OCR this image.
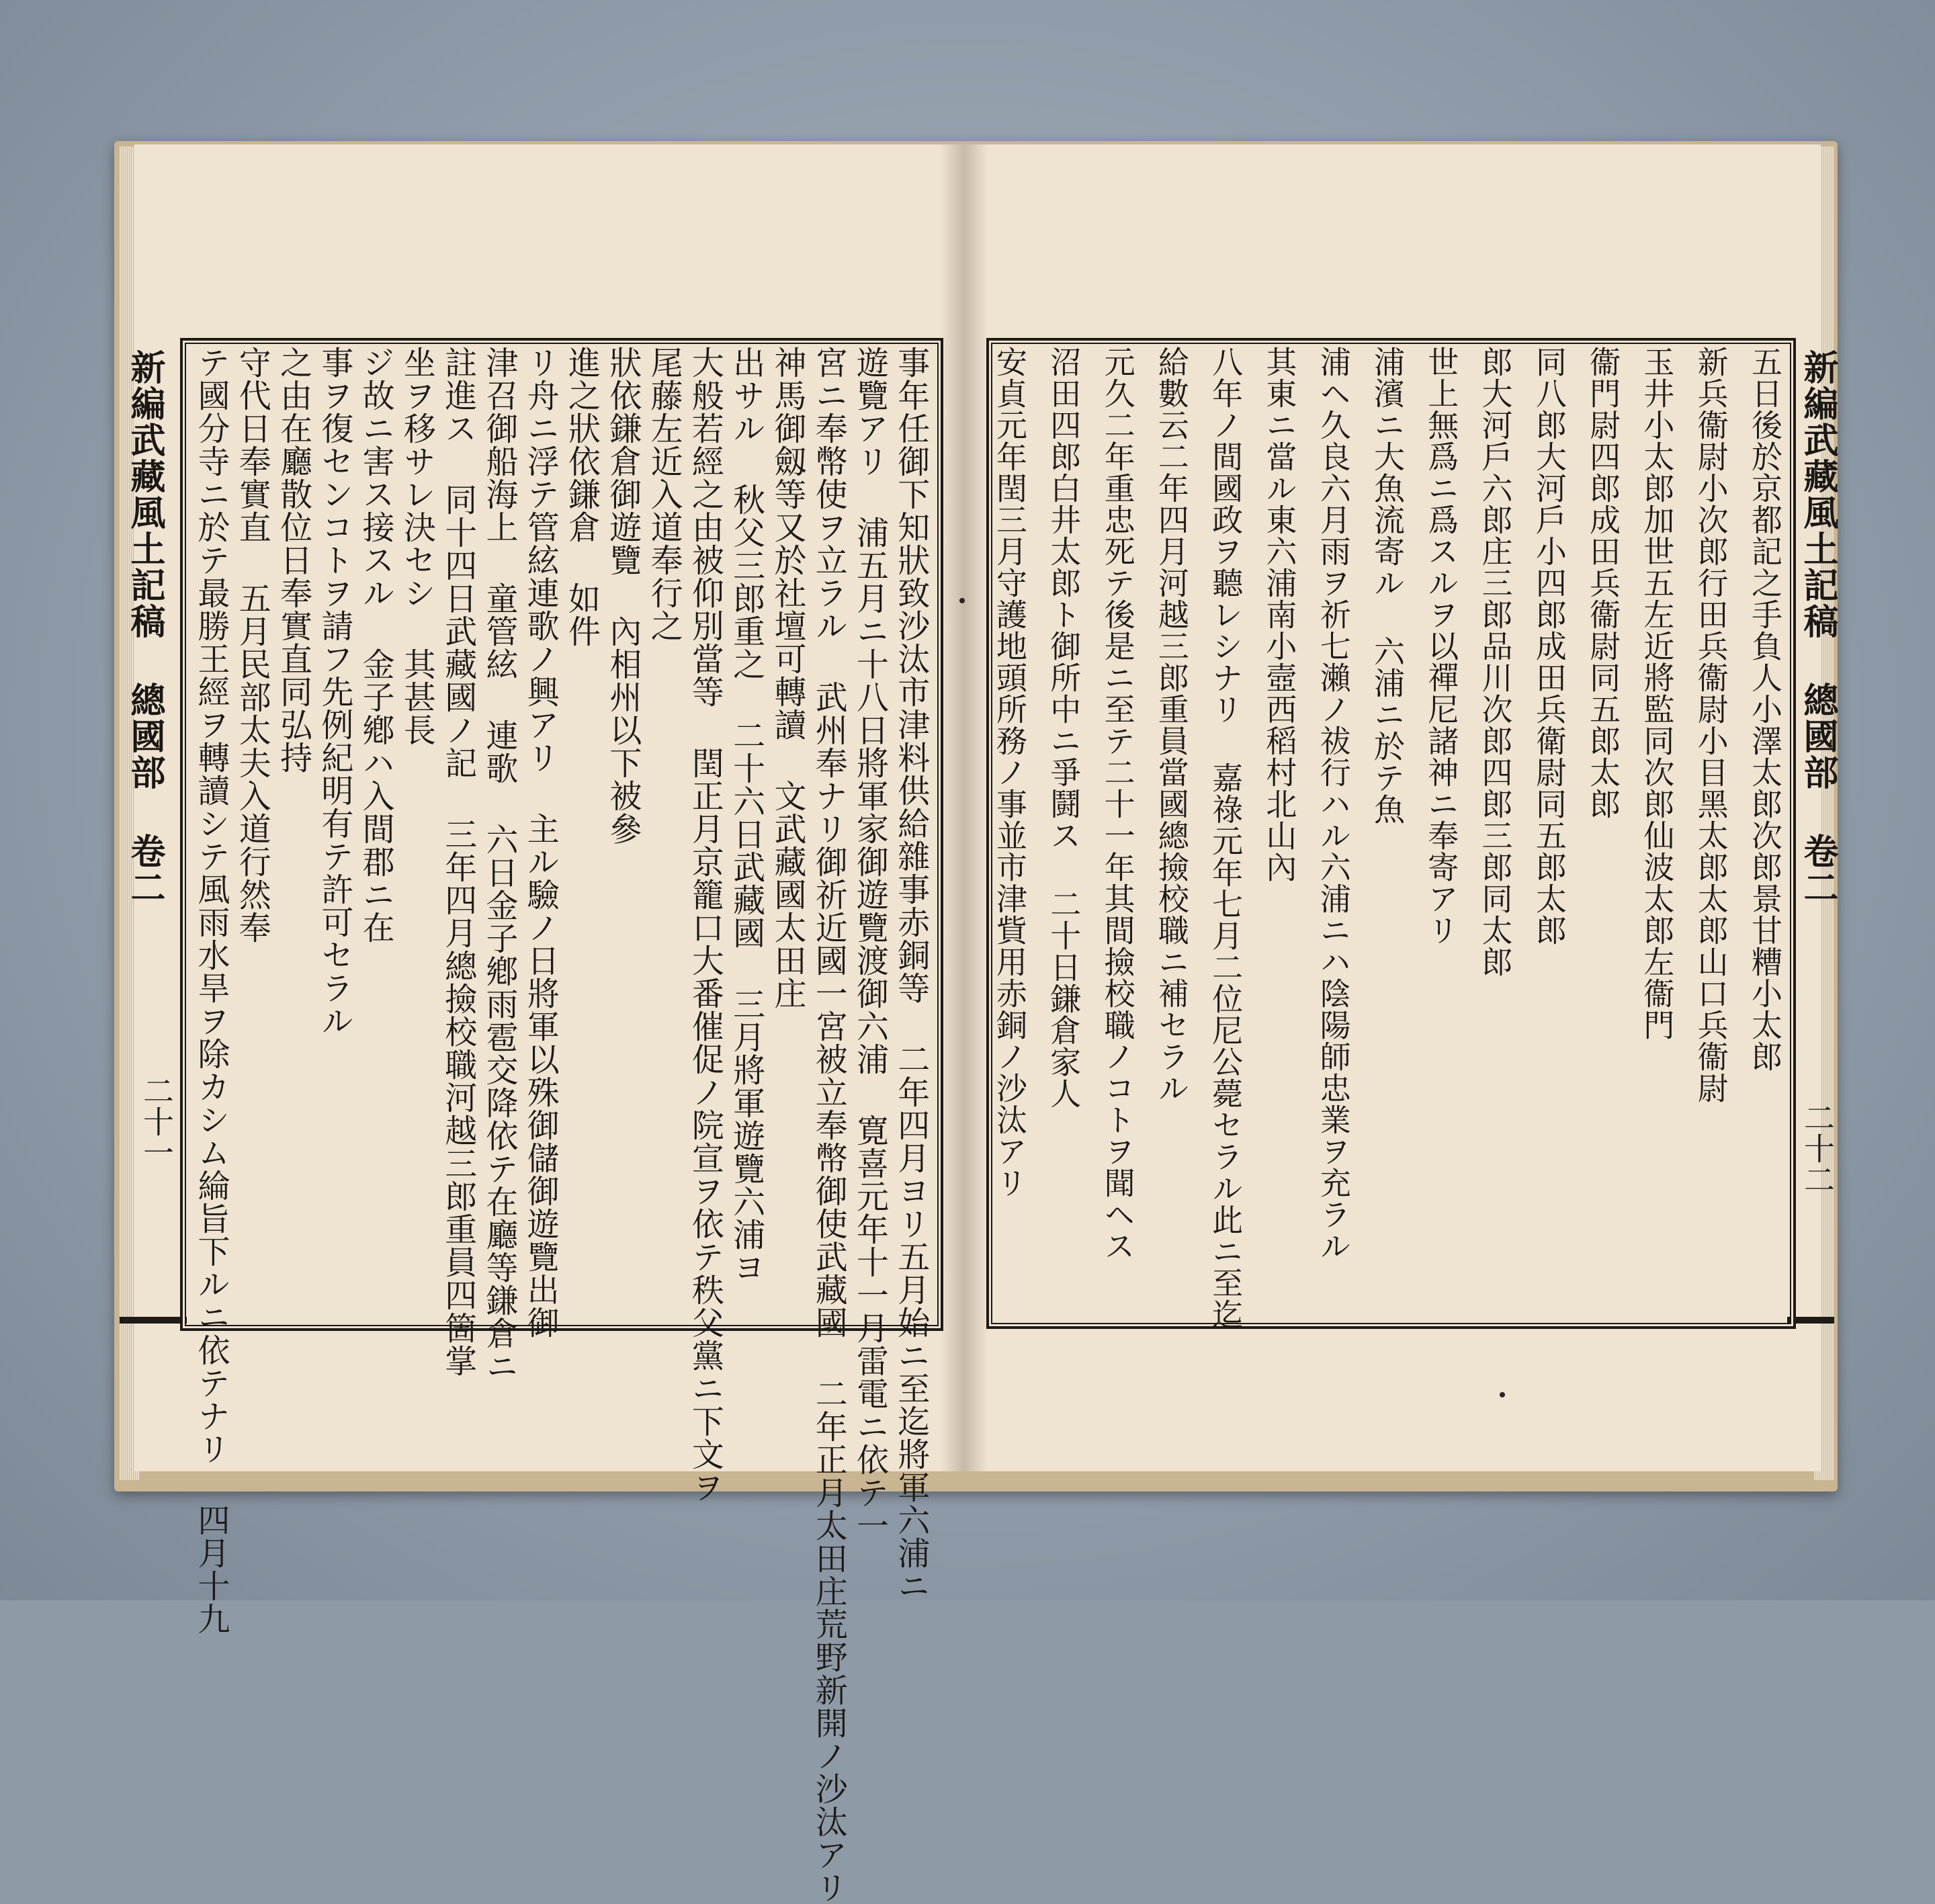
新編武藏風土記稿 總國部 卷二
二十一	事年任御下知狀致沙汰市津料供給雜事赤銅等 二年四月ヨリ五月始ニ至迄將軍六浦ニ
遊覽アリ 浦五月ニ十八日將軍家御遊覽渡御六浦 寛喜元年十一月雷電ニ依テ一
宮ニ奉幣使ヲ立ラル 武州奉ナリ御祈近國一宮被立奉幣御使武藏國 二年正月太田庄荒野新開ノ沙汰アリ
神馬御劔等又於社壇可轉讀 文武藏國太田庄
出サル 秋父三郎重之 二十六日武藏國 三月將軍遊覽六浦ヨ
大般若經之由被仰別當等 閏正月京籠口大番催促ノ院宣ヲ依テ秩父黨ニ下文ヲ
尾藤左近入道奉行之
狀依鎌倉御遊覽 內相州以下被參
進之狀依鎌倉 如件
リ舟ニ浮テ管絃連歌ノ興アリ 主ル驗ノ日將軍以殊御儲御遊覽出御
津召御船海上 童管絃 連歌 六日金子鄕雨雹交降依テ在廳等鎌倉ニ
註進ス 同十四日武藏國ノ記 三年四月總撿校職河越三郎重員四箇掌
坐ヲ移サレ決セシ 其甚長
ジ故ニ害ス接スル 金子鄕ハ入間郡ニ在
事ヲ復センコトヲ請フ先例紀明有テ許可セラル
之由在廳散位日奉實直同弘持
守代日奉實直 五月民部太夫入道行然奉
テ國分寺ニ於テ最勝王經ヲ轉讀シテ風雨水旱ヲ除カシム綸旨下ルニ依テナリ 四月十九	新編武藏風土記稿 總國部 卷二
二十二
五日後於京都記之手負人小澤太郎次郎景甘糟小太郎
新兵衞尉小次郎行田兵衞尉小目黑太郎太郎山口兵衞尉
玉井小太郎加世五左近將監同次郎仙波太郎左衞門
衞門尉四郎成田兵衞尉同五郎太郎
同八郎大河戶小四郎成田兵衛尉同五郎太郎
郎大河戶六郎庄三郎品川次郎四郎三郎同太郎
世上無爲ニ爲スルヲ以禪尼諸神ニ奉寄アリ
浦濱ニ大魚流寄ル 六浦ニ於テ魚
浦ヘ久良六月雨ヲ祈七瀨ノ祓行ハル六浦ニハ陰陽師忠業ヲ充ラル
其東ニ當ル東六浦南小壼西稻村北山內
八年ノ間國政ヲ聽レシナリ 嘉祿元年七月二位尼公薨セラル此ニ至迄
給數云二年四月河越三郎重員當國總撿校職ニ補セラル
元久二年重忠死テ後是ニ至テ二十一年其間撿校職ノコトヲ聞ヘス
沼田四郎白井太郎ト御所中ニ爭鬪ス 二十日鎌倉家人
安貞元年閏三月守護地頭所務ノ事並市津貲用赤銅ノ沙汰アリ
